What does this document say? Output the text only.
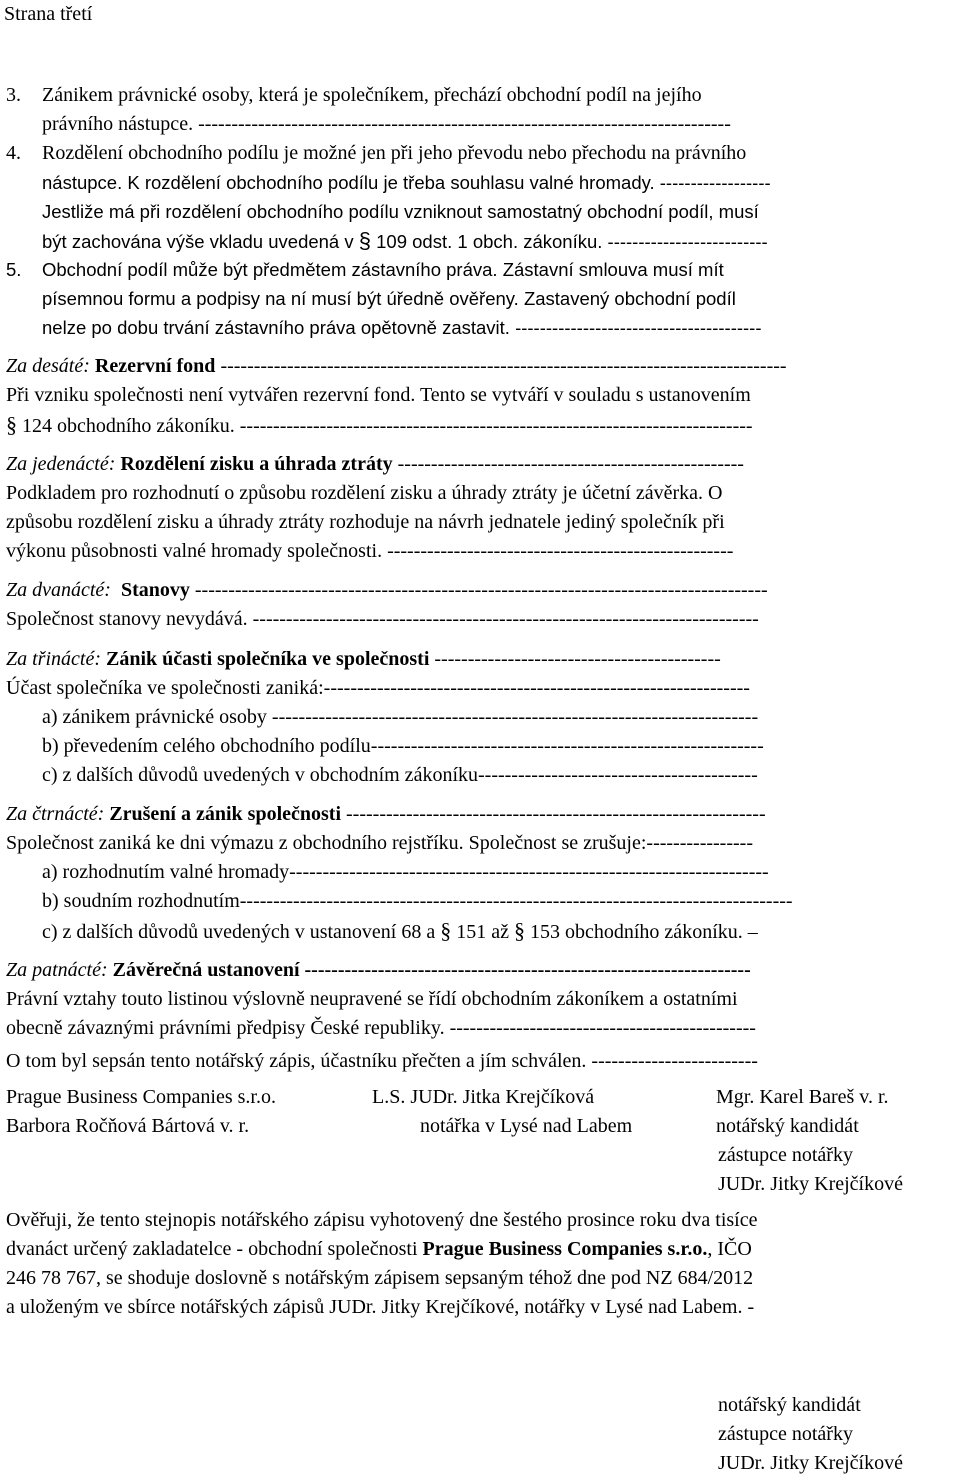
Strana třetí
3. Zánikem právnické osoby, která je společníkem, přechází obchodní podíl na jejího
právního nástupce. --------------------------------------------------------------------------------
4. Rozdělení obchodního podílu je možné jen při jeho převodu nebo přechodu na právního
nástupce. K rozdělení obchodního podílu je třeba souhlasu valné hromady. ------------------
Jestliže má při rozdělení obchodního podílu vzniknout samostatný obchodní podíl, musí
být zachována výše vkladu uvedená v § 109 odst. 1 obch. zákoníku. --------------------------
5. Obchodní podíl může být předmětem zástavního práva. Zástavní smlouva musí mít
písemnou formu a podpisy na ní musí být úředně ověřeny. Zastavený obchodní podíl
nelze po dobu trvání zástavního práva opětovně zastavit. ----------------------------------------
Za desáté: Rezervní fond -------------------------------------------------------------------------------------
Při vzniku společnosti není vytvářen rezervní fond. Tento se vytváří v souladu s ustanovením
§ 124 obchodního zákoníku. -----------------------------------------------------------------------------
Za jedenácté: Rozdělení zisku a úhrada ztráty ----------------------------------------------------
Podkladem pro rozhodnutí o způsobu rozdělení zisku a úhrady ztráty je účetní závěrka. O
způsobu rozdělení zisku a úhrady ztráty rozhoduje na návrh jednatele jediný společník při
výkonu působnosti valné hromady společnosti. ----------------------------------------------------
Za dvanácté: Stanovy --------------------------------------------------------------------------------------
Společnost stanovy nevydává. ----------------------------------------------------------------------------
Za třinácté: Zánik účasti společníka ve společnosti -------------------------------------------
Účast společníka ve společnosti zaniká:----------------------------------------------------------------
a) zánikem právnické osoby -------------------------------------------------------------------------
b) převedením celého obchodního podílu-----------------------------------------------------------
c) z dalších důvodů uvedených v obchodním zákoníku------------------------------------------
Za čtrnácté: Zrušení a zánik společnosti ---------------------------------------------------------------
Společnost zaniká ke dni výmazu z obchodního rejstříku. Společnost se zrušuje:----------------
a) rozhodnutím valné hromady------------------------------------------------------------------------
b) soudním rozhodnutím-----------------------------------------------------------------------------------
c) z dalších důvodů uvedených v ustanovení 68 a § 151 až § 153 obchodního zákoníku. –
Za patnácté: Závěrečná ustanovení -------------------------------------------------------------------
Právní vztahy touto listinou výslovně neupravené se řídí obchodním zákoníkem a ostatními
obecně závaznými právními předpisy České republiky. ----------------------------------------------
O tom byl sepsán tento notářský zápis, účastníku přečten a jím schválen. -------------------------
Prague Business Companies s.r.o.
Barbora Ročňová Bártová v. r.
L.S. JUDr. Jitka Krejčíková
notářka v Lysé nad Labem
Mgr. Karel Bareš v. r.
notářský kandidát
zástupce notářky
JUDr. Jitky Krejčíkové
Ověřuji, že tento stejnopis notářského zápisu vyhotovený dne šestého prosince roku dva tisíce
dvanáct určený zakladatelce - obchodní společnosti Prague Business Companies s.r.o., IČO
246 78 767, se shoduje doslovně s notářským zápisem sepsaným téhož dne pod NZ 684/2012
a uloženým ve sbírce notářských zápisů JUDr. Jitky Krejčíkové, notářky v Lysé nad Labem. -
notářský kandidát
zástupce notářky
JUDr. Jitky Krejčíkové
